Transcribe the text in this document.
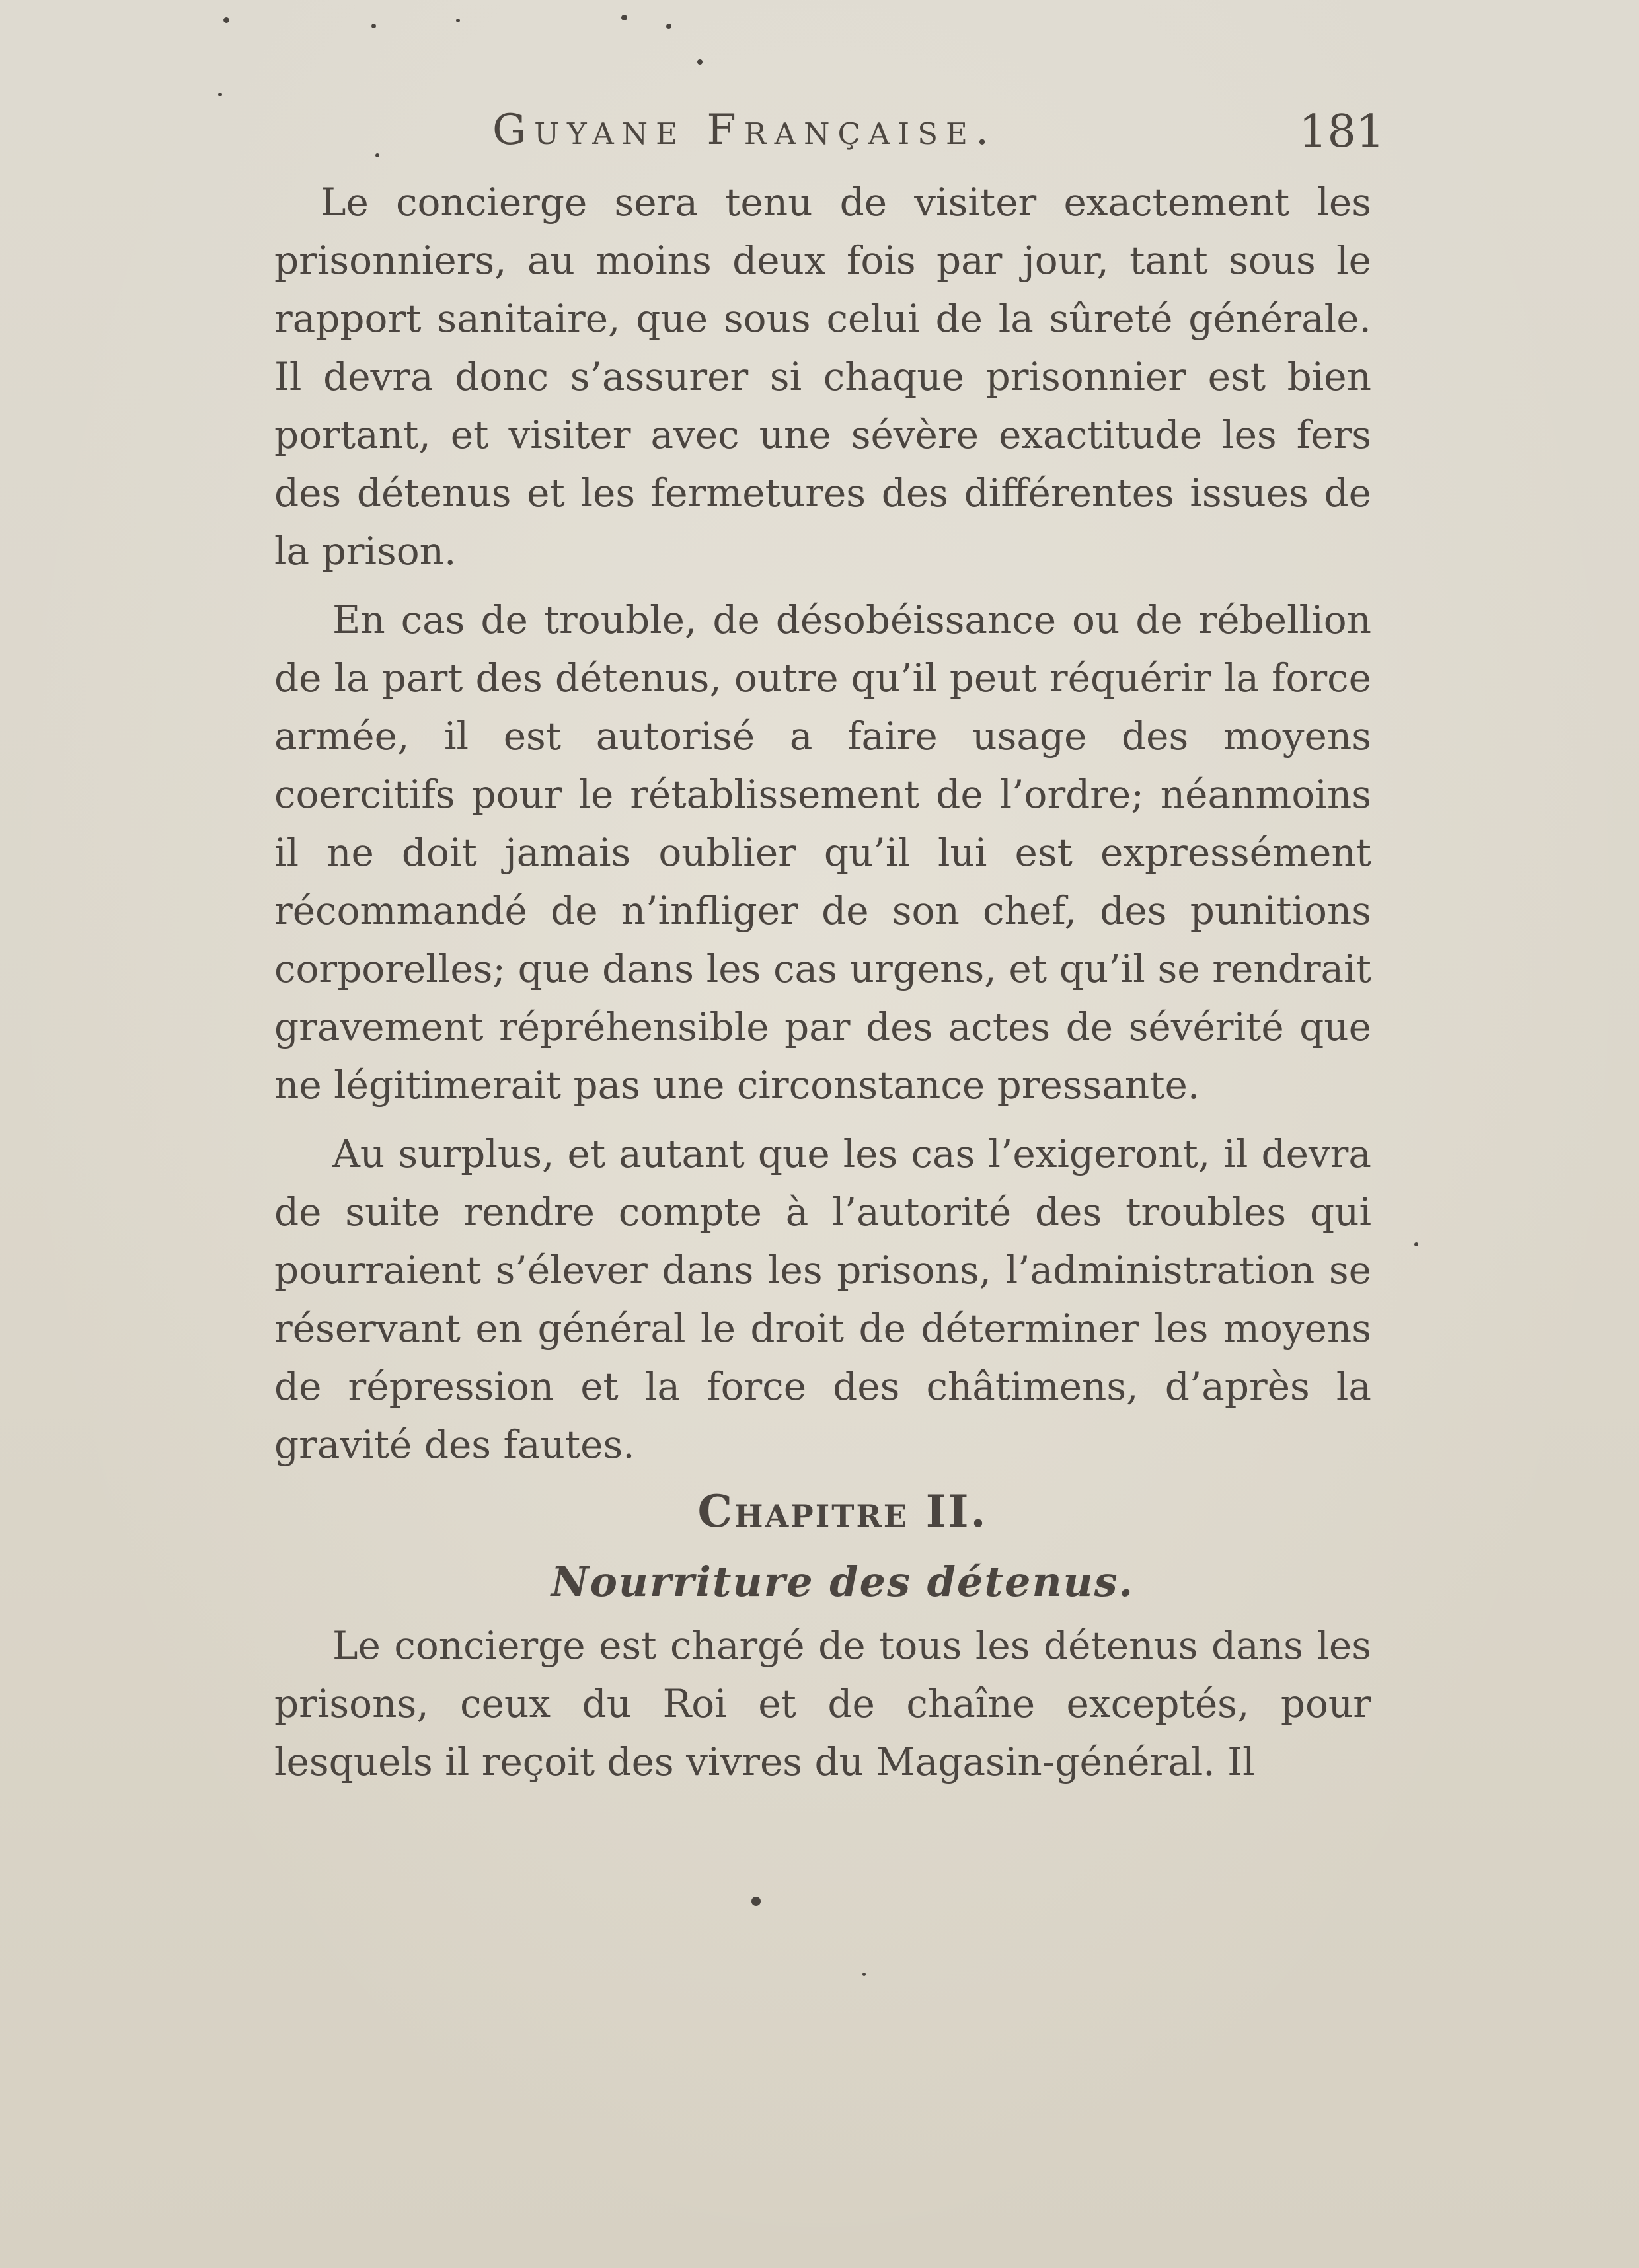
Guyane Française.	181

Le concierge sera tenu de visiter exactement les prisonniers, au moins deux fois par jour, tant sous le rapport sanitaire, que sous celui de la sûreté générale. Il devra donc s’assurer si chaque prisonnier est bien portant, et visiter avec une sévère exactitude les fers des détenus et les fermetures des différentes issues de la prison.

En cas de trouble, de désobéissance ou de rébellion de la part des détenus, outre qu’il peut réquérir la force armée, il est autorisé a faire usage des moyens coercitifs pour le rétablissement de l’ordre; néanmoins il ne doit jamais oublier qu’il lui est expressément récommandé de n’infliger de son chef, des punitions corporelles; que dans les cas urgens, et qu’il se rendrait gravement répréhensible par des actes de sévérité que ne légitimerait pas une circonstance pressante.

Au surplus, et autant que les cas l’exigeront, il devra de suite rendre compte à l’autorité des troubles qui pourraient s’élever dans les prisons, l’administration se réservant en général le droit de déterminer les moyens de répression et la force des châtimens, d’après la gravité des fautes.

Chapitre II.
Nourriture des détenus.

Le concierge est chargé de tous les détenus dans les prisons, ceux du Roi et de chaîne exceptés, pour lesquels il reçoit des vivres du Magasin-général. Il
